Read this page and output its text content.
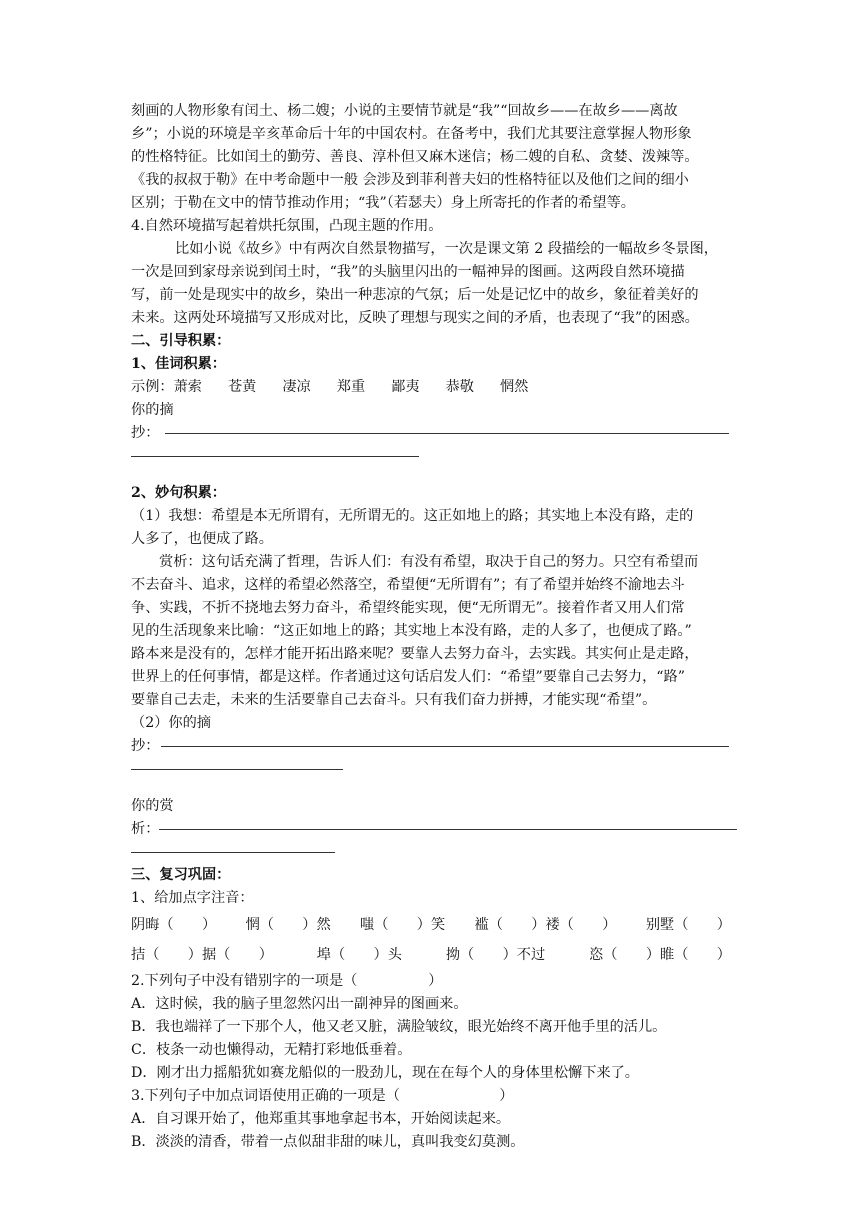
刻画的人物形象有闰土、杨二嫂；小说的主要情节就是“我”“回故乡——在故乡——离故
乡”；小说的环境是辛亥革命后十年的中国农村。在备考中，我们尤其要注意掌握人物形象
的性格特征。比如闰土的勤劳、善良、淳朴但又麻木迷信；杨二嫂的自私、贪婪、泼辣等。
《我的叔叔于勒》在中考命题中一般 会涉及到菲利普夫妇的性格特征以及他们之间的细小
区别；于勒在文中的情节推动作用；“我”（若瑟夫）身上所寄托的作者的希望等。
4.自然环境描写起着烘托氛围，凸现主题的作用。
比如小说《故乡》中有两次自然景物描写，一次是课文第 2 段描绘的一幅故乡冬景图，
一次是回到家母亲说到闰土时，“我”的头脑里闪出的一幅神异的图画。这两段自然环境描
写，前一处是现实中的故乡，染出一种悲凉的气氛；后一处是记忆中的故乡，象征着美好的
未来。这两处环境描写又形成对比，反映了理想与现实之间的矛盾，也表现了“我”的困惑。
二、引导积累：
1、佳词积累：
示例：萧索 苍黄 凄凉 郑重 鄙夷 恭敬 惘然
你的摘
抄：
2、妙句积累：
（1）我想：希望是本无所谓有，无所谓无的。这正如地上的路；其实地上本没有路，走的
人多了，也便成了路。
赏析：这句话充满了哲理，告诉人们：有没有希望，取决于自己的努力。只空有希望而
不去奋斗、追求，这样的希望必然落空，希望便“无所谓有”；有了希望并始终不渝地去斗
争、实践，不折不挠地去努力奋斗，希望终能实现，便“无所谓无”。接着作者又用人们常
见的生活现象来比喻：“这正如地上的路；其实地上本没有路，走的人多了，也便成了路。”
路本来是没有的，怎样才能开拓出路来呢？要靠人去努力奋斗，去实践。其实何止是走路，
世界上的任何事情，都是这样。作者通过这句话启发人们：“希望”要靠自己去努力，“路”
要靠自己去走，未来的生活要靠自己去奋斗。只有我们奋力拼搏，才能实现“希望”。
（2）你的摘
抄：
你的赏
析：
三、复习巩固：
1、给加点字注音：
阴晦（　　） 惘（　　）然 嗤（　　）笑 褴（　　）褛（　　） 别墅（　　）
拮（　　）据（　　）	埠（　　）头	拗（　　）不过	恣（　　）睢（　　）
2.下列句子中没有错别字的一项是（　　　　　）
A．这时候，我的脑子里忽然闪出一副神异的图画来。
B．我也端祥了一下那个人，他又老又脏，满脸皱纹，眼光始终不离开他手里的活儿。
C．枝条一动也懒得动，无精打彩地低垂着。
D．刚才出力摇船犹如赛龙船似的一股劲儿，现在在每个人的身体里松懈下来了。
3.下列句子中加点词语使用正确的一项是（　　　　　　　）
A．自习课开始了，他郑重其事地拿起书本，开始阅读起来。
B．淡淡的清香，带着一点似甜非甜的味儿，真叫我变幻莫测。
